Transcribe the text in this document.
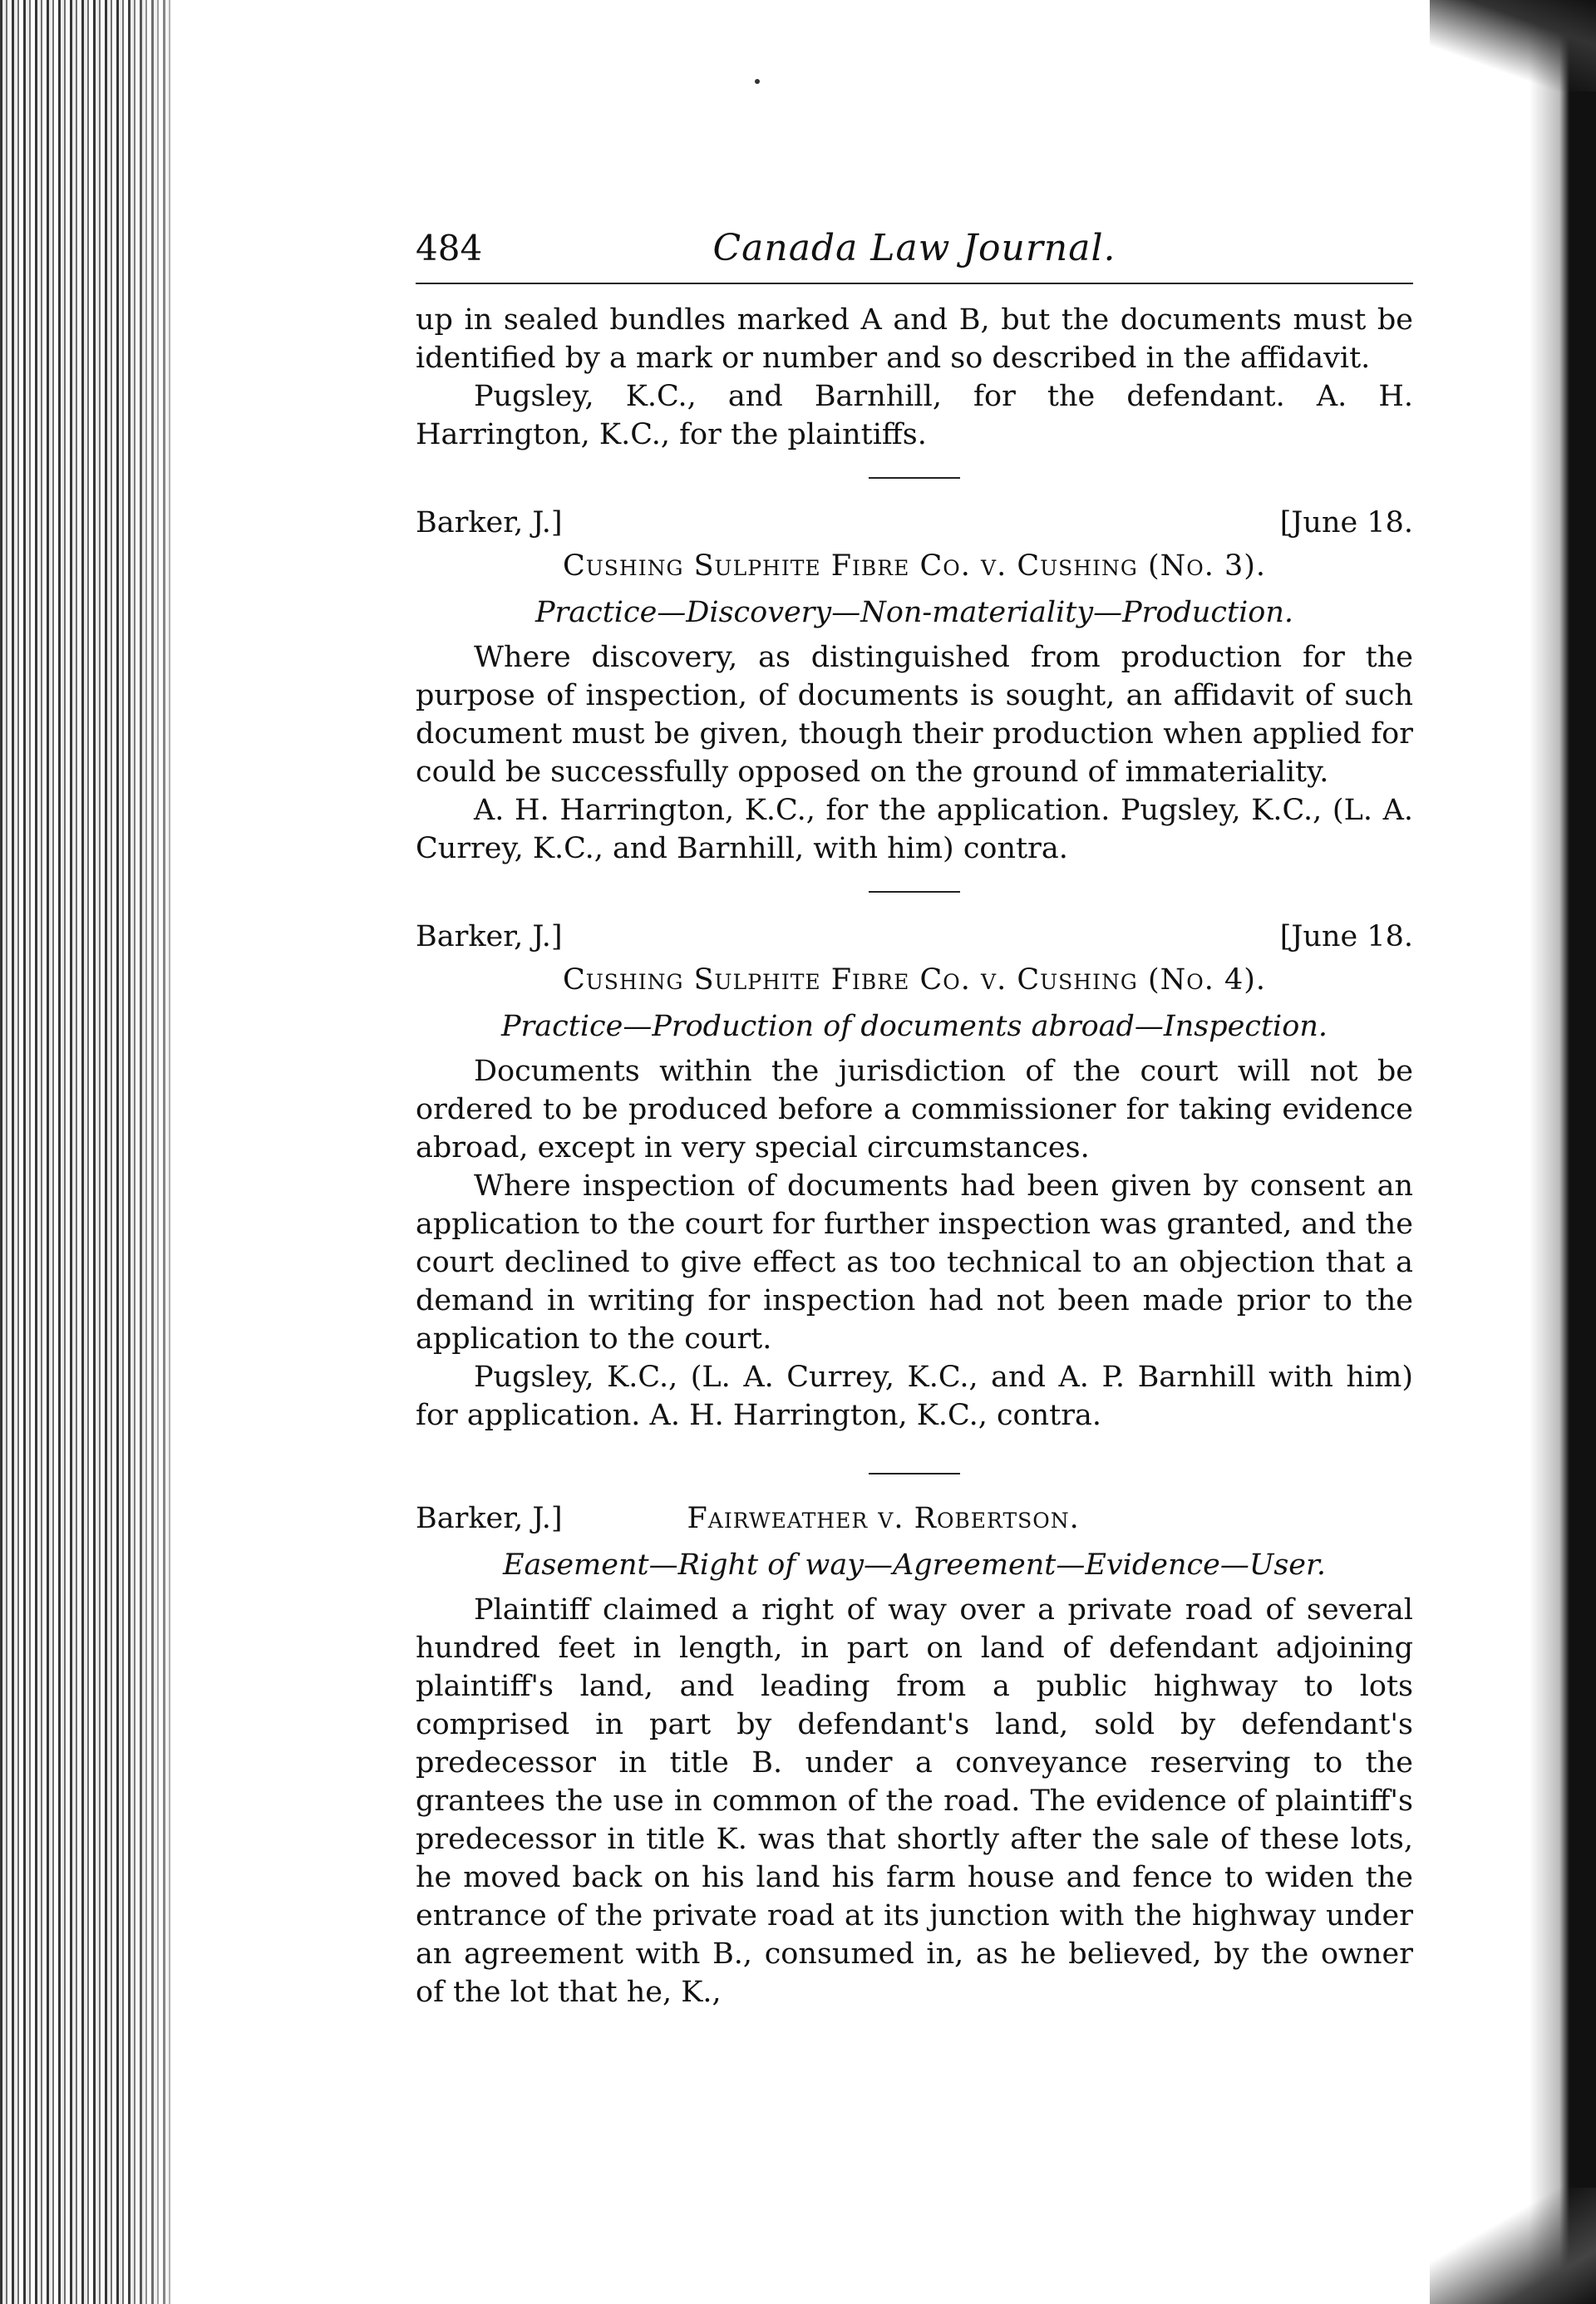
484	Canada Law Journal.

up in sealed bundles marked A and B, but the documents must be identified by a mark or number and so described in the affidavit.

Pugsley, K.C., and Barnhill, for the defendant. A. H. Harrington, K.C., for the plaintiffs.

Barker, J.]	[June 18.
Cushing Sulphite Fibre Co. v. Cushing (No. 3).
Practice—Discovery—Non-materiality—Production.

Where discovery, as distinguished from production for the purpose of inspection, of documents is sought, an affidavit of such document must be given, though their production when applied for could be successfully opposed on the ground of immateriality.

A. H. Harrington, K.C., for the application. Pugsley, K.C., (L. A. Currey, K.C., and Barnhill, with him) contra.

Barker, J.]	[June 18.
Cushing Sulphite Fibre Co. v. Cushing (No. 4).
Practice—Production of documents abroad—Inspection.

Documents within the jurisdiction of the court will not be ordered to be produced before a commissioner for taking evidence abroad, except in very special circumstances.

Where inspection of documents had been given by consent an application to the court for further inspection was granted, and the court declined to give effect as too technical to an objection that a demand in writing for inspection had not been made prior to the application to the court.

Pugsley, K.C., (L. A. Currey, K.C., and A. P. Barnhill with him) for application. A. H. Harrington, K.C., contra.

Barker, J.]	Fairweather v. Robertson.
Easement—Right of way—Agreement—Evidence—User.

Plaintiff claimed a right of way over a private road of several hundred feet in length, in part on land of defendant adjoining plaintiff's land, and leading from a public highway to lots comprised in part by defendant's land, sold by defendant's predecessor in title B. under a conveyance reserving to the grantees the use in common of the road. The evidence of plaintiff's predecessor in title K. was that shortly after the sale of these lots, he moved back on his land his farm house and fence to widen the entrance of the private road at its junction with the highway under an agreement with B., consumed in, as he believed, by the owner of the lot that he, K.,
